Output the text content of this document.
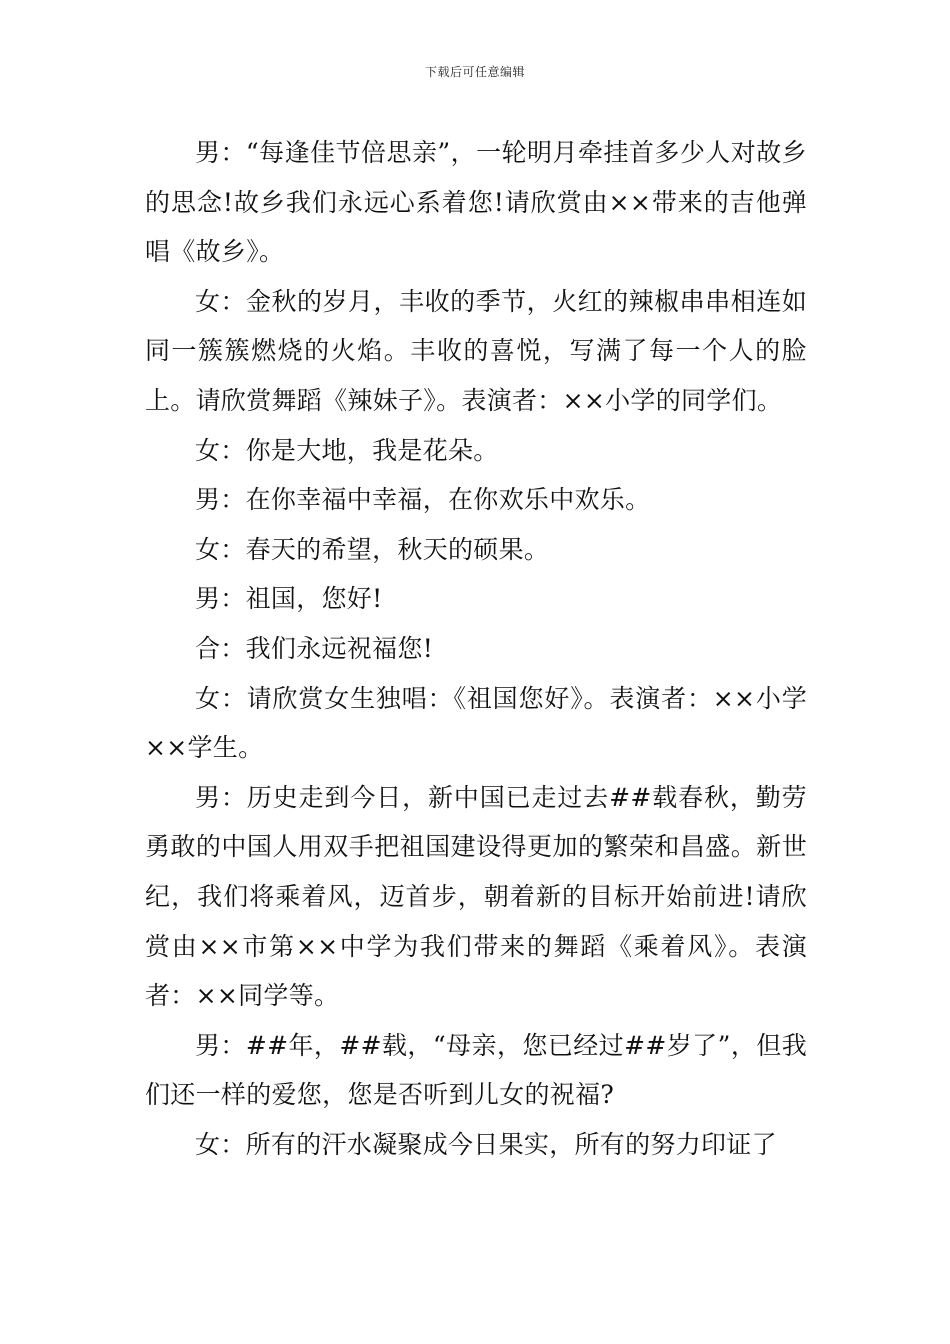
下载后可任意编辑

男：“每逢佳节倍思亲”，一轮明月牵挂首多少人对故乡的思念!故乡我们永远心系着您!请欣赏由××带来的吉他弹唱《故乡》。

女：金秋的岁月，丰收的季节，火红的辣椒串串相连如同一簇簇燃烧的火焰。丰收的喜悦，写满了每一个人的脸上。请欣赏舞蹈《辣妹子》。表演者：××小学的同学们。

女：你是大地，我是花朵。

男：在你幸福中幸福，在你欢乐中欢乐。

女：春天的希望，秋天的硕果。

男：祖国，您好!

合：我们永远祝福您!

女：请欣赏女生独唱：《祖国您好》。表演者：××小学××学生。

男：历史走到今日，新中国已走过去##载春秋，勤劳勇敢的中国人用双手把祖国建设得更加的繁荣和昌盛。新世纪，我们将乘着风，迈首步，朝着新的目标开始前进!请欣赏由××市第××中学为我们带来的舞蹈《乘着风》。表演者：××同学等。

男：##年，##载，“母亲，您已经过##岁了”，但我们还一样的爱您，您是否听到儿女的祝福?

女：所有的汗水凝聚成今日果实，所有的努力印证了
